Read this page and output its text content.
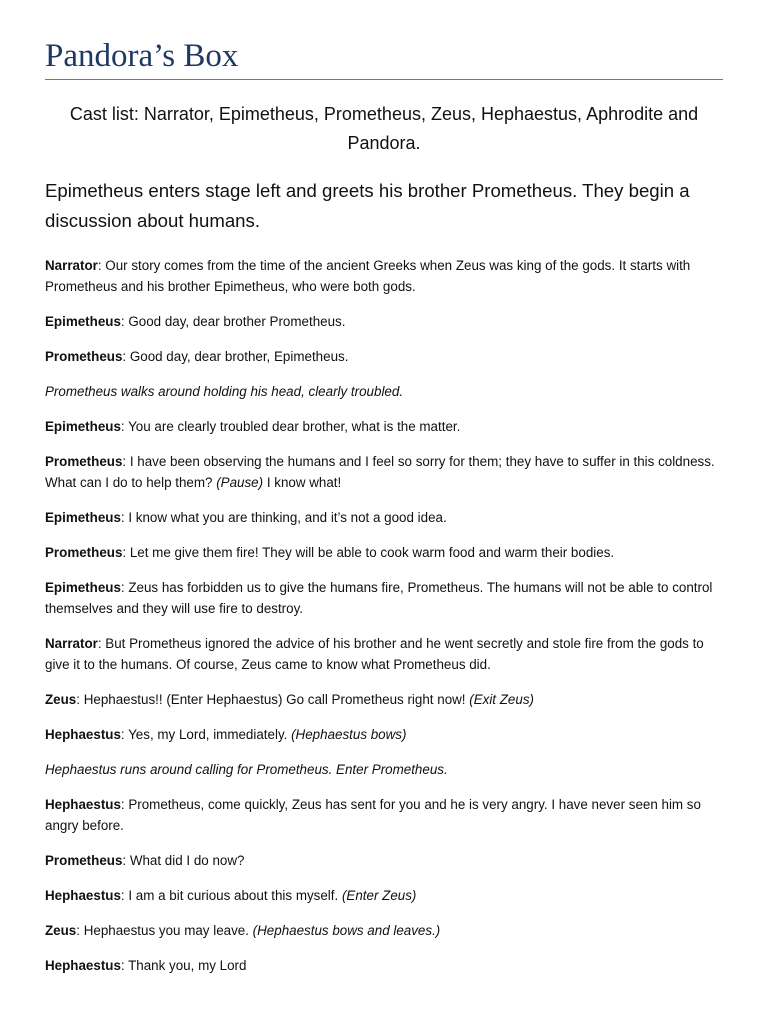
Pandora’s Box

Cast list: Narrator, Epimetheus, Prometheus, Zeus, Hephaestus, Aphrodite and Pandora.

Epimetheus enters stage left and greets his brother Prometheus. They begin a discussion about humans.

Narrator: Our story comes from the time of the ancient Greeks when Zeus was king of the gods. It starts with Prometheus and his brother Epimetheus, who were both gods.

Epimetheus: Good day, dear brother Prometheus.

Prometheus: Good day, dear brother, Epimetheus.

Prometheus walks around holding his head, clearly troubled.

Epimetheus: You are clearly troubled dear brother, what is the matter.

Prometheus: I have been observing the humans and I feel so sorry for them; they have to suffer in this coldness. What can I do to help them? (Pause) I know what!

Epimetheus: I know what you are thinking, and it’s not a good idea.

Prometheus: Let me give them fire! They will be able to cook warm food and warm their bodies.

Epimetheus: Zeus has forbidden us to give the humans fire, Prometheus. The humans will not be able to control themselves and they will use fire to destroy.

Narrator: But Prometheus ignored the advice of his brother and he went secretly and stole fire from the gods to give it to the humans. Of course, Zeus came to know what Prometheus did.

Zeus: Hephaestus!! (Enter Hephaestus) Go call Prometheus right now! (Exit Zeus)

Hephaestus: Yes, my Lord, immediately. (Hephaestus bows)

Hephaestus runs around calling for Prometheus. Enter Prometheus.

Hephaestus: Prometheus, come quickly, Zeus has sent for you and he is very angry. I have never seen him so angry before.

Prometheus: What did I do now?

Hephaestus: I am a bit curious about this myself. (Enter Zeus)

Zeus: Hephaestus you may leave. (Hephaestus bows and leaves.)

Hephaestus: Thank you, my Lord
